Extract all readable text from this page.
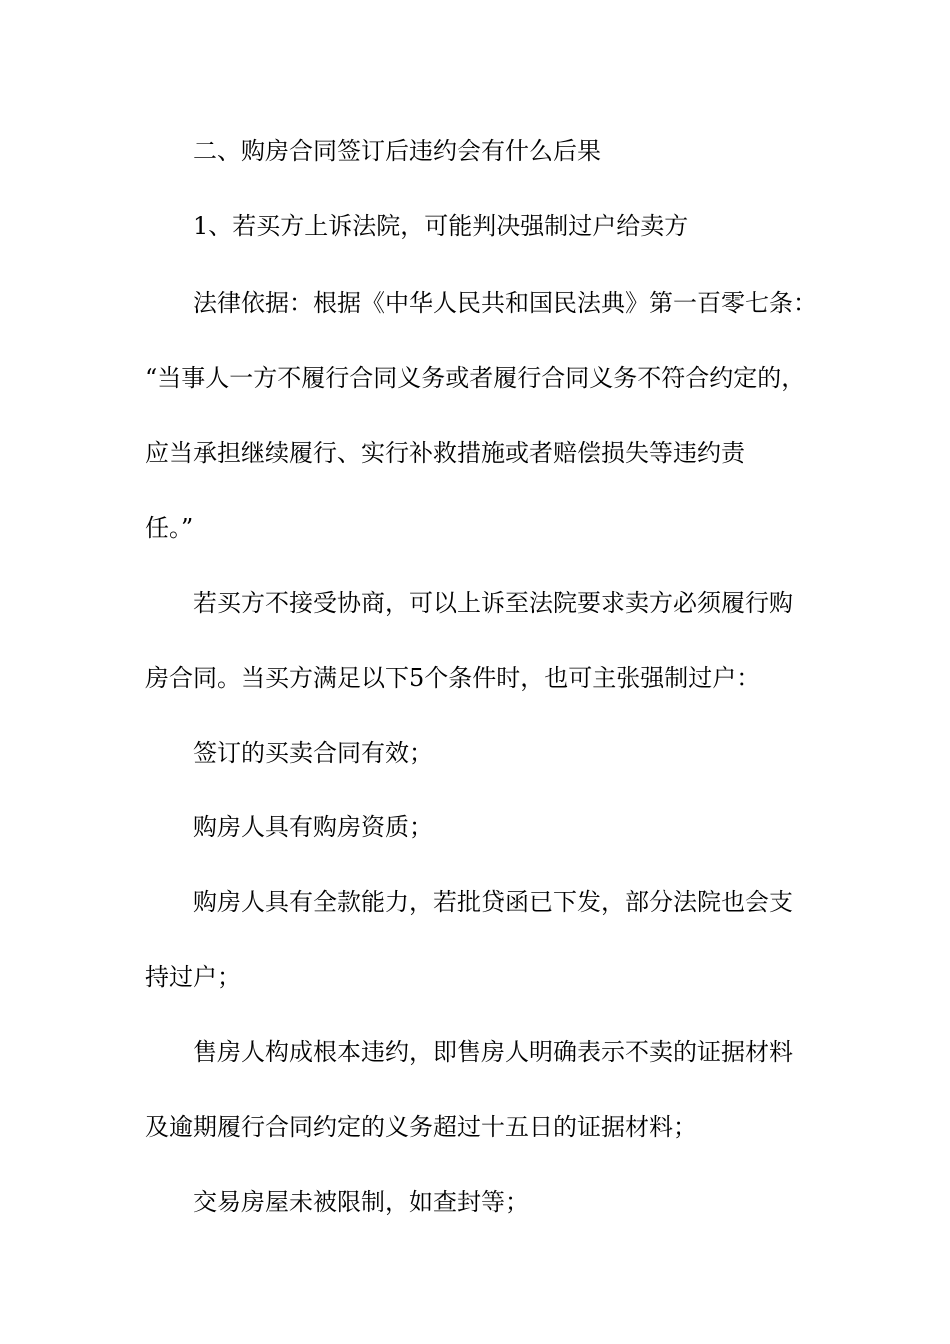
二、购房合同签订后违约会有什么后果
1、若买方上诉法院，可能判决强制过户给卖方
法律依据：根据《中华人民共和国民法典》第一百零七条：
“当事人一方不履行合同义务或者履行合同义务不符合约定的，
应当承担继续履行、实行补救措施或者赔偿损失等违约责
任。”
若买方不接受协商，可以上诉至法院要求卖方必须履行购
房合同。当买方满足以下5个条件时，也可主张强制过户：
签订的买卖合同有效；
购房人具有购房资质；
购房人具有全款能力，若批贷函已下发，部分法院也会支
持过户；
售房人构成根本违约，即售房人明确表示不卖的证据材料
及逾期履行合同约定的义务超过十五日的证据材料；
交易房屋未被限制，如查封等；
